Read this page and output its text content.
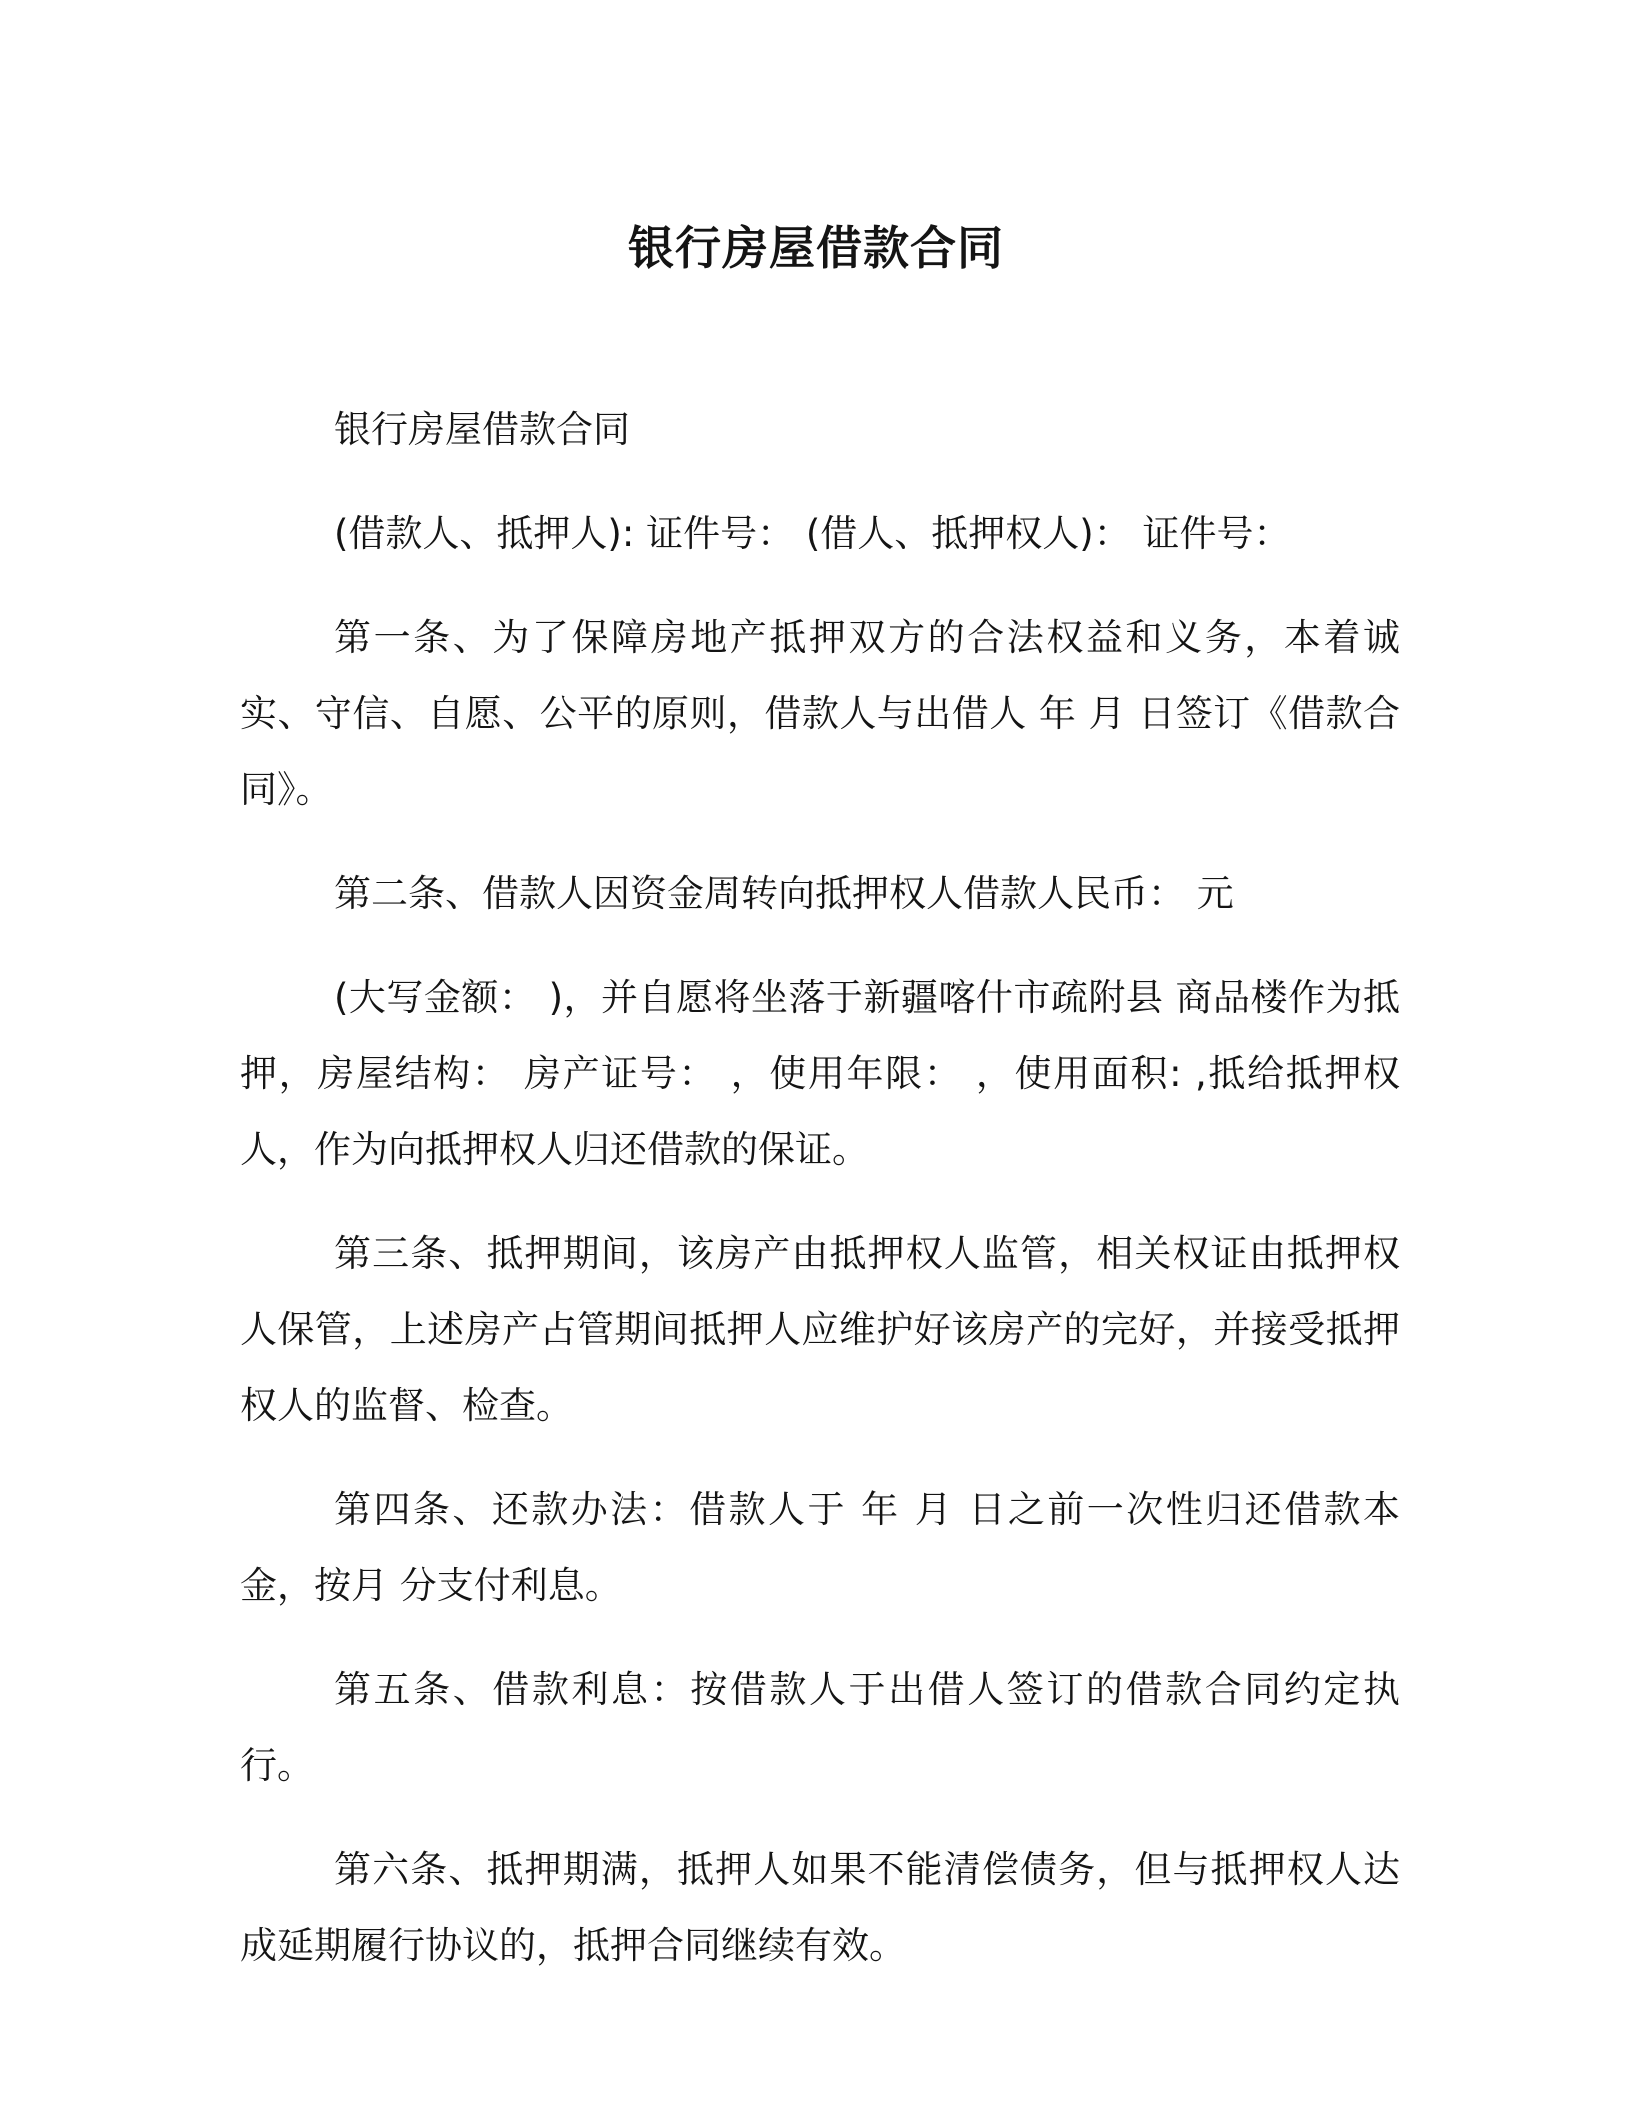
银行房屋借款合同

银行房屋借款合同

(借款人、抵押人): 证件号： (借人、抵押权人)： 证件号：

第一条、为了保障房地产抵押双方的合法权益和义务，本着诚实、守信、自愿、公平的原则，借款人与出借人 年 月 日签订《借款合同》。

第二条、借款人因资金周转向抵押权人借款人民币： 元

(大写金额： )，并自愿将坐落于新疆喀什市疏附县 商品楼作为抵押，房屋结构： 房产证号： ，使用年限： ，使用面积: ,抵给抵押权人，作为向抵押权人归还借款的保证。

第三条、抵押期间，该房产由抵押权人监管，相关权证由抵押权人保管，上述房产占管期间抵押人应维护好该房产的完好，并接受抵押权人的监督、检查。

第四条、还款办法：借款人于 年 月 日之前一次性归还借款本金，按月 分支付利息。

第五条、借款利息：按借款人于出借人签订的借款合同约定执行。

第六条、抵押期满，抵押人如果不能清偿债务，但与抵押权人达成延期履行协议的，抵押合同继续有效。
